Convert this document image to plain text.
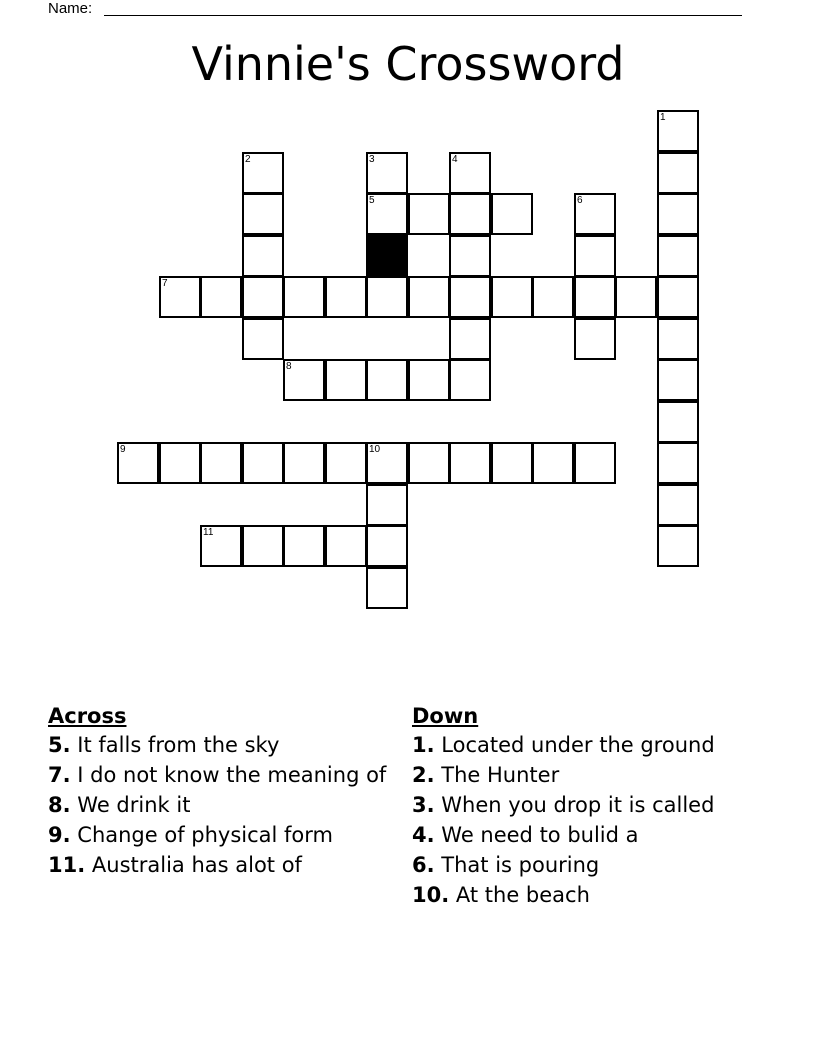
Name:
Vinnie's Crossword
1
2	3
5
4
6
7
8
9	10
11
Across
5. It falls from the sky
7. I do not know the meaning of
8. We drink it
9. Change of physical form
11. Australia has alot of
Down
1. Located under the ground
2. The Hunter
3. When you drop it is called
4. We need to bulid a
6. That is pouring
10. At the beach
